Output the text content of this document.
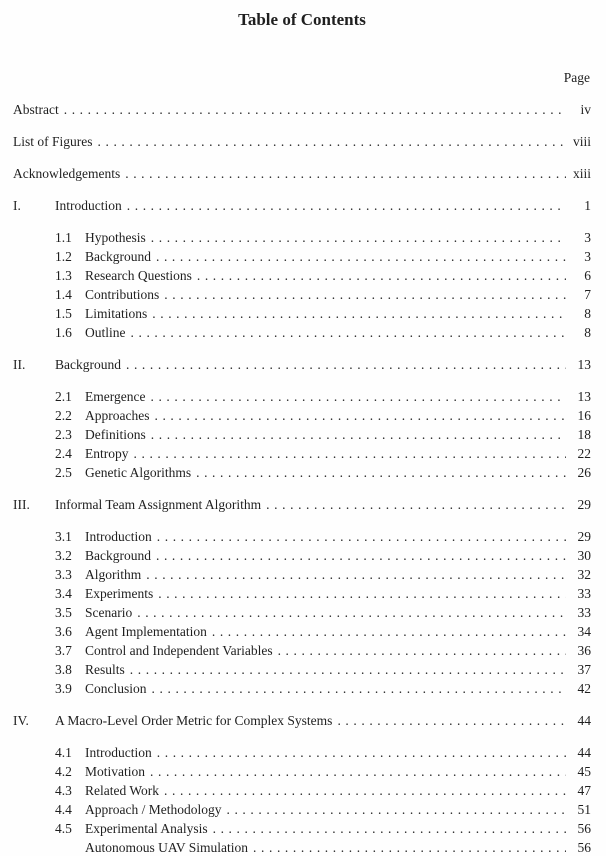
Table of Contents
Page
Abstract .....	iv
List of Figures .....	viii
Acknowledgements .....	xiii
I.	Introduction .....	1
1.1 Hypothesis .....	3
1.2 Background .....	3
1.3 Research Questions .....	6
1.4 Contributions .....	7
1.5 Limitations .....	8
1.6 Outline .....	8
II.	Background .....	13
2.1 Emergence .....	13
2.2 Approaches .....	16
2.3 Definitions .....	18
2.4 Entropy .....	22
2.5 Genetic Algorithms .....	26
III.	Informal Team Assignment Algorithm .....	29
3.1 Introduction .....	29
3.2 Background .....	30
3.3 Algorithm .....	32
3.4 Experiments .....	33
3.5 Scenario .....	33
3.6 Agent Implementation .....	34
3.7 Control and Independent Variables .....	36
3.8 Results .....	37
3.9 Conclusion .....	42
IV.	A Macro-Level Order Metric for Complex Systems .....	44
4.1 Introduction .....	44
4.2 Motivation .....	45
4.3 Related Work .....	47
4.4 Approach / Methodology .....	51
4.5 Experimental Analysis .....	56
Autonomous UAV Simulation .....	56
